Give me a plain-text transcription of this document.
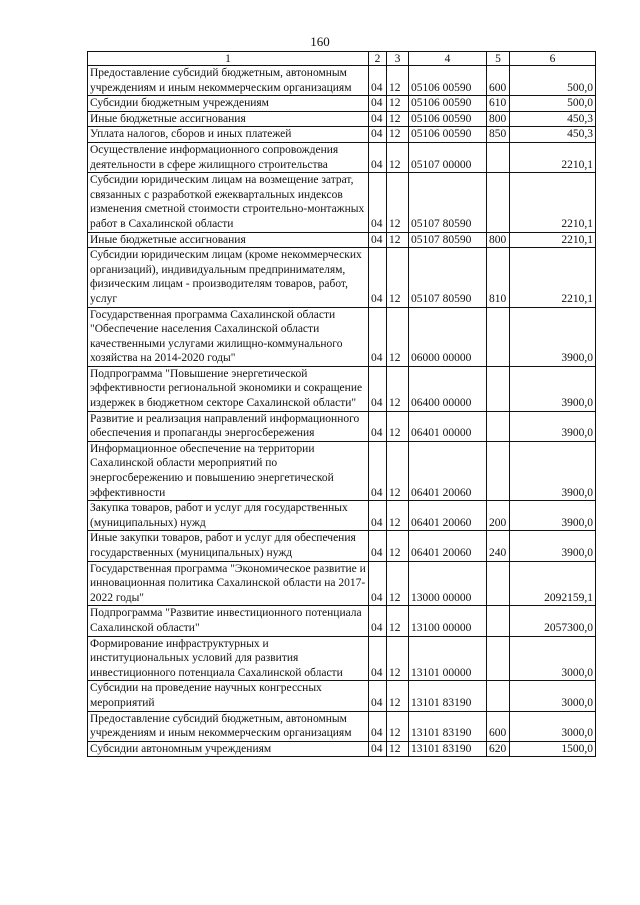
160
1	2	3	4	5	6
Предоставление субсидий бюджетным, автономным учреждениям и иным некоммерческим организациям	04	12	05106 00590	600	500,0
Субсидии бюджетным учреждениям	04	12	05106 00590	610	500,0
Иные бюджетные ассигнования	04	12	05106 00590	800	450,3
Уплата налогов, сборов и иных платежей	04	12	05106 00590	850	450,3
Осуществление информационного сопровождения деятельности в сфере жилищного строительства	04	12	05107 00000		2210,1
Субсидии юридическим лицам на возмещение затрат, связанных с разработкой ежеквартальных индексов изменения сметной стоимости строительно-монтажных работ в Сахалинской области	04	12	05107 80590		2210,1
Иные бюджетные ассигнования	04	12	05107 80590	800	2210,1
Субсидии юридическим лицам (кроме некоммерческих организаций), индивидуальным предпринимателям, физическим лицам - производителям товаров, работ, услуг	04	12	05107 80590	810	2210,1
Государственная программа Сахалинской области "Обеспечение населения Сахалинской области качественными услугами жилищно-коммунального хозяйства на 2014-2020 годы"	04	12	06000 00000		3900,0
Подпрограмма "Повышение энергетической эффективности региональной экономики и сокращение издержек в бюджетном секторе Сахалинской области"	04	12	06400 00000		3900,0
Развитие и реализация направлений информационного обеспечения и пропаганды энергосбережения	04	12	06401 00000		3900,0
Информационное обеспечение на территории Сахалинской области мероприятий по энергосбережению и повышению энергетической эффективности	04	12	06401 20060		3900,0
Закупка товаров, работ и услуг для государственных (муниципальных) нужд	04	12	06401 20060	200	3900,0
Иные закупки товаров, работ и услуг для обеспечения государственных (муниципальных) нужд	04	12	06401 20060	240	3900,0
Государственная программа "Экономическое развитие и инновационная политика Сахалинской области на 2017-2022 годы"	04	12	13000 00000		2092159,1
Подпрограмма "Развитие инвестиционного потенциала Сахалинской области"	04	12	13100 00000		2057300,0
Формирование инфраструктурных и институциональных условий для развития инвестиционного потенциала Сахалинской области	04	12	13101 00000		3000,0
Субсидии на проведение научных конгрессных мероприятий	04	12	13101 83190		3000,0
Предоставление субсидий бюджетным, автономным учреждениям и иным некоммерческим организациям	04	12	13101 83190	600	3000,0
Субсидии автономным учреждениям	04	12	13101 83190	620	1500,0
